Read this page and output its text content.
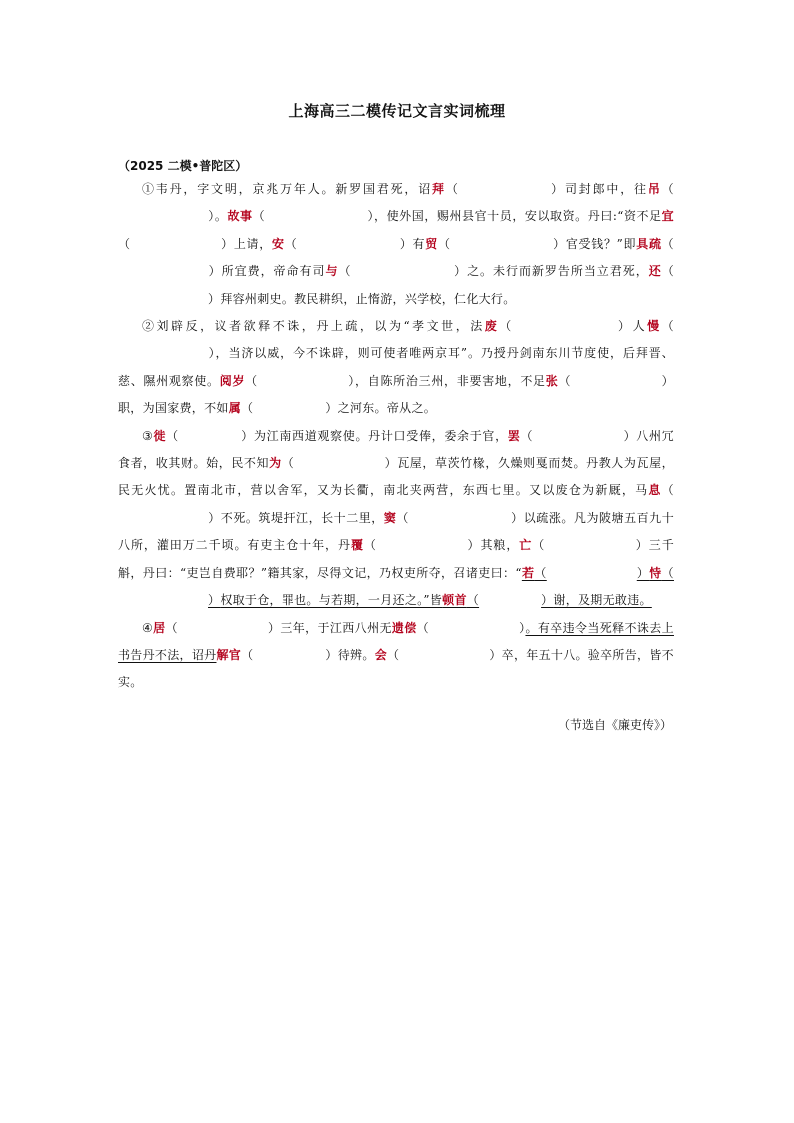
上海高三二模传记文言实词梳理
（2025 二模•普陀区）

①韦丹，字文明，京兆万年人。新罗国君死，诏拜（	）司封郎中，往吊（）。故事（	），使外国，赐州县官十员，安以取资。丹曰:“资不足宜（	）上请，安（	）有贸（	）官受钱？”即具疏（）所宜费，帝命有司与（	）之。未行而新罗告所当立君死，还（）拜容州刺史。教民耕织，止惰游，兴学校，仁化大行。

②刘辟反，议者欲释不诛，丹上疏，以为“孝文世，法废（	）人慢（），当济以威，今不诛辟，则可使者唯两京耳”。乃授丹剑南东川节度使，后拜晋、慈、隰州观察使。阅岁（	），自陈所治三州，非要害地，不足张（	）职，为国家费，不如属（	）之河东。帝从之。

③徙（	）为江南西道观察使。丹计口受俸，委余于官，罢（	）八州冗食者，收其财。始，民不知为（	）瓦屋，草茨竹椽，久燥则戛而焚。丹教人为瓦屋，民无火忧。置南北市，营以舍军，又为长衢，南北夹两营，东西七里。又以废仓为新厩，马息（）不死。筑堤扞江，长十二里，窦（	）以疏涨。凡为陂塘五百九十八所，灌田万二千顷。有吏主仓十年，丹覆（	）其粮，亡（	）三千斛，丹曰：“吏岂自费耶？”籍其家，尽得文记，乃权吏所夺，召诸吏曰：“若（	）恃（）权取于仓，罪也。与若期，一月还之。”皆顿首（	）谢，及期无敢违。

④居（	）三年，于江西八州无遗偿（	）。有卒违令当死释不诛去上书告丹不法，诏丹解官（	）待辨。会（	）卒，年五十八。验卒所告，皆不实。

（节选自《廉吏传》）
